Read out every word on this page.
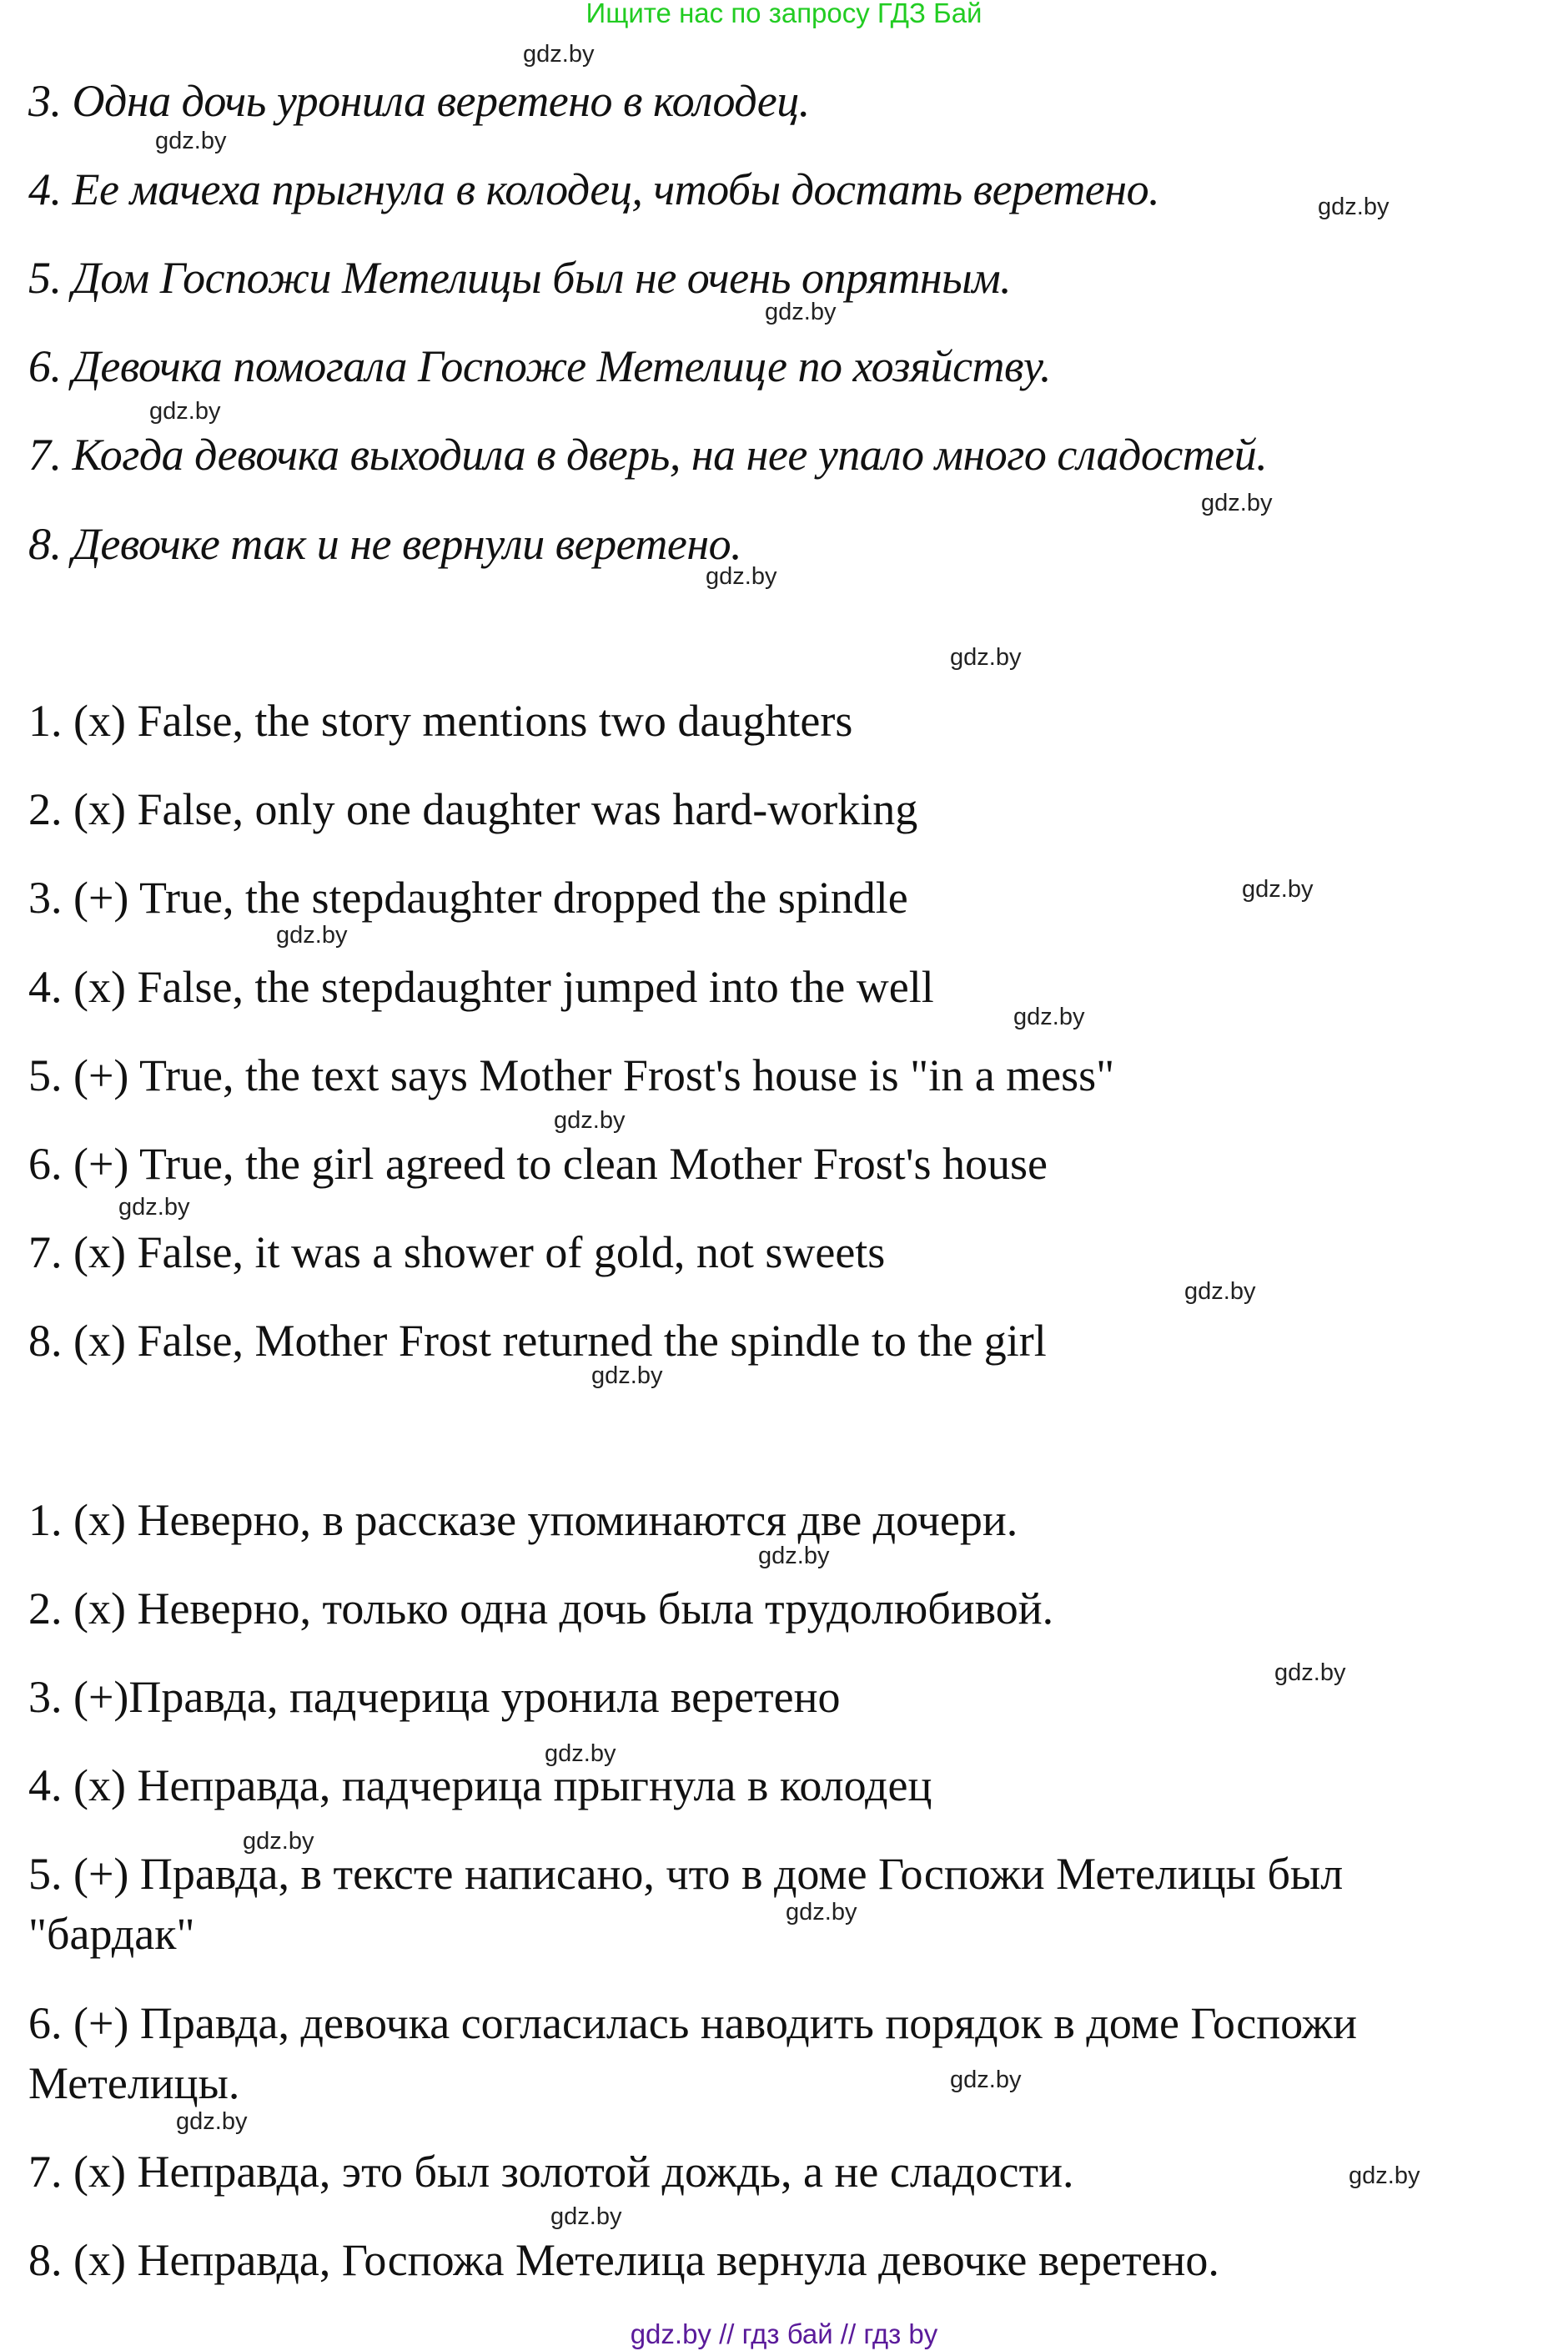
Ищите нас по запросу ГДЗ Бай
3. Одна дочь уронила веретено в колодец.
4. Ее мачеха прыгнула в колодец, чтобы достать веретено.
5. Дом Госпожи Метелицы был не очень опрятным.
6. Девочка помогала Госпоже Метелице по хозяйству.
7. Когда девочка выходила в дверь, на нее упало много сладостей.
8. Девочке так и не вернули веретено.
1. (x) False, the story mentions two daughters
2. (x) False, only one daughter was hard-working
3. (+) True, the stepdaughter dropped the spindle
4. (x) False, the stepdaughter jumped into the well
5. (+) True, the text says Mother Frost's house is "in a mess"
6. (+) True, the girl agreed to clean Mother Frost's house
7. (x) False, it was a shower of gold, not sweets
8. (x) False, Mother Frost returned the spindle to the girl
1. (x) Неверно, в рассказе упоминаются две дочери.
2. (x) Неверно, только одна дочь была трудолюбивой.
3. (+)Правда, падчерица уронила веретено
4. (x) Неправда, падчерица прыгнула в колодец
5. (+) Правда, в тексте написано, что в доме Госпожи Метелицы был
"бардак"
6. (+) Правда, девочка согласилась наводить порядок в доме Госпожи
Метелицы.
7. (x) Неправда, это был золотой дождь, а не сладости.
8. (x) Неправда, Госпожа Метелица вернула девочке веретено.
gdz.by
gdz.by
gdz.by
gdz.by
gdz.by
gdz.by
gdz.by
gdz.by
gdz.by
gdz.by
gdz.by
gdz.by
gdz.by
gdz.by
gdz.by
gdz.by
gdz.by
gdz.by
gdz.by
gdz.by
gdz.by
gdz.by
gdz.by
gdz.by
gdz.by // гдз бай // гдз by
